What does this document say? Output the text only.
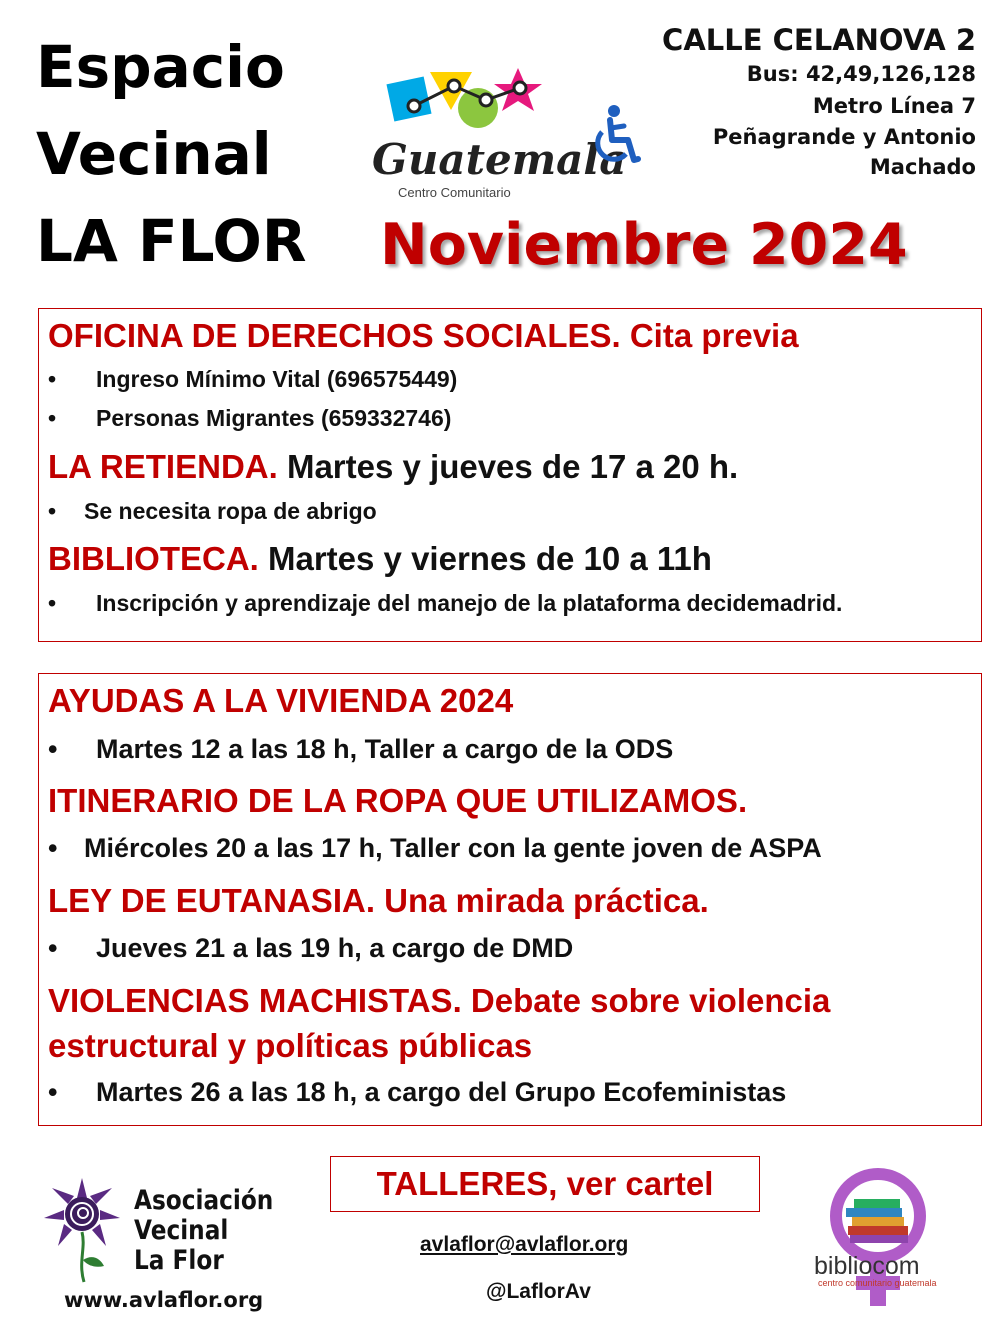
Espacio
Vecinal
LA FLOR
Guatemala
Centro Comunitario
CALLE CELANOVA 2
Bus: 42,49,126,128
Metro Línea 7
Peñagrande y Antonio
Machado
Noviembre 2024
OFICINA DE DERECHOS SOCIALES. Cita previa
• Ingreso Mínimo Vital (696575449)
• Personas Migrantes (659332746)
LA RETIENDA. Martes y jueves de 17 a 20 h.
• Se necesita ropa de abrigo
BIBLIOTECA. Martes y viernes de 10 a 11h
• Inscripción y aprendizaje del manejo de la plataforma decidemadrid.
AYUDAS A LA VIVIENDA 2024
• Martes 12 a las 18 h, Taller a cargo de la ODS
ITINERARIO DE LA ROPA QUE UTILIZAMOS.
• Miércoles 20 a las 17 h, Taller con la gente joven de ASPA
LEY DE EUTANASIA. Una mirada práctica.
• Jueves 21 a las 19 h, a cargo de DMD
VIOLENCIAS MACHISTAS. Debate sobre violencia
estructural y políticas públicas
• Martes 26 a las 18 h, a cargo del Grupo Ecofeministas
Asociación
Vecinal
La Flor
www.avlaflor.org
TALLERES, ver cartel
avlaflor@avlaflor.org
@LaflorAv
bibliocom
centro comunitario guatemala
